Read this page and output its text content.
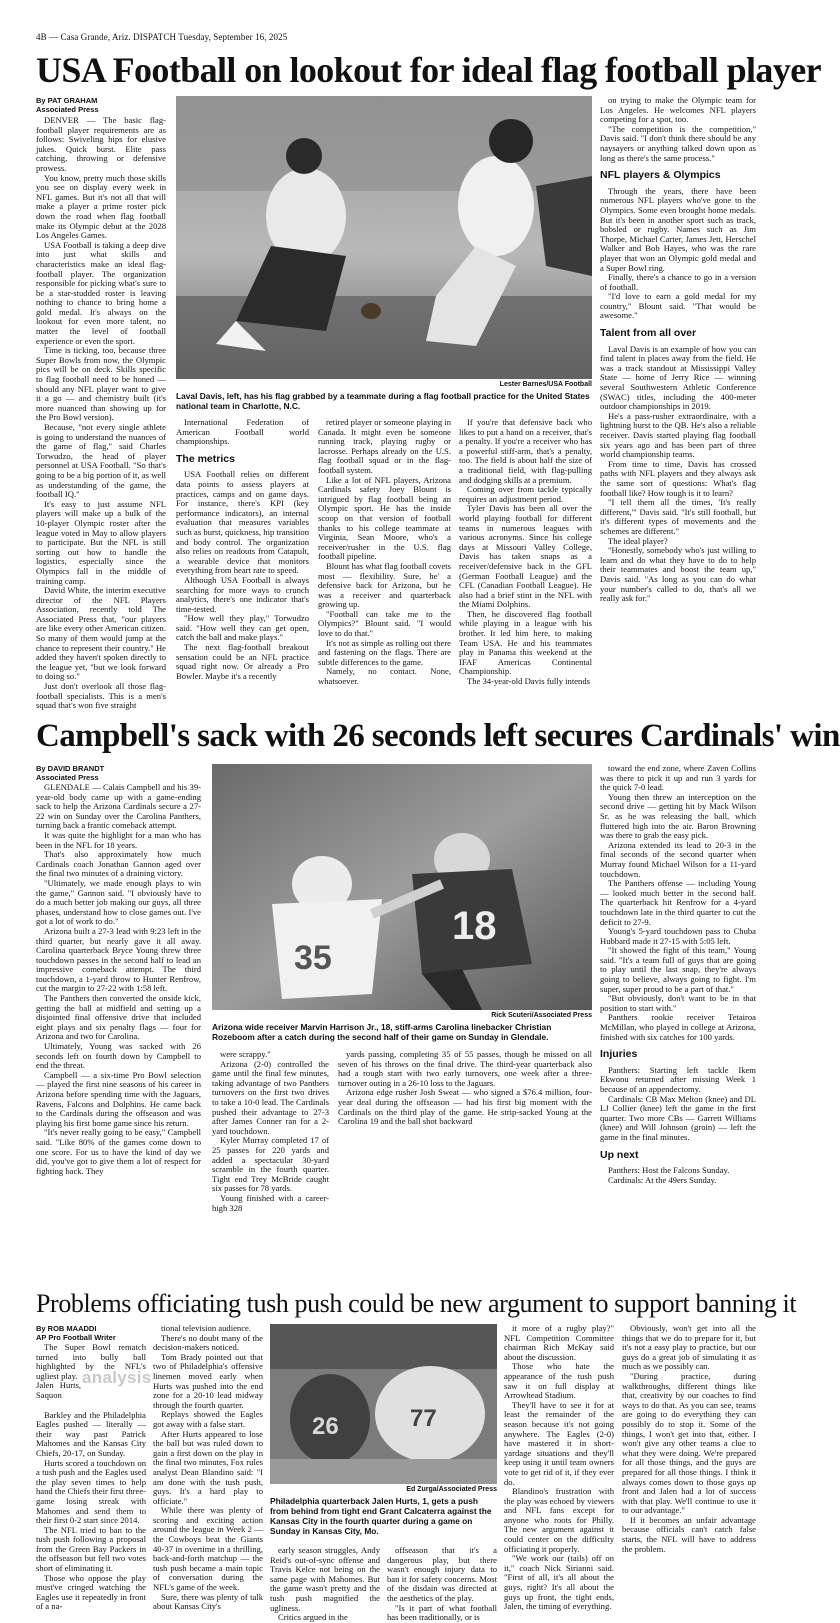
4B — Casa Grande, Ariz. DISPATCH Tuesday, September 16, 2025
USA Football on lookout for ideal flag football player
By PAT GRAHAM
Associated Press

DENVER — The basic flag-football player requirements are as follows: Swiveling hips for elusive jukes. Quick burst. Elite pass catching, throwing or defensive prowess.

You know, pretty much those skills you see on display every week in NFL games. But it's not all that will make a player a prime roster pick down the road when flag football make its Olympic debut at the 2028 Los Angeles Games.

USA Football is taking a deep dive into just what skills and characteristics make an ideal flag-football player. The organization responsible for picking what's sure to be a star-studded roster is leaving nothing to chance to bring home a gold medal. It's always on the lookout for even more talent, no matter the level of football experience or even the sport.

Time is ticking, too, because three Super Bowls from now, the Olympic pics will be on deck. Skills specific to flag football need to be honed — should any NFL player want to give it a go — and chemistry built (it's more nuanced than showing up for the Pro Bowl version).

Because, "not every single athlete is going to understand the nuances of the game of flag," said Charles Torwudzo, the head of player personnel at USA Football. "So that's going to be a big portion of it, as well as understanding of the game, the football IQ."

It's easy to just assume NFL players will make up a bulk of the 10-player Olympic roster after the league voted in May to allow players to participate. But the NFL is still sorting out how to handle the logistics, especially since the Olympics fall in the middle of training camp.

David White, the interim executive director of the NFL Players Association, recently told The Associated Press that, "our players are like every other American citizen. So many of them would jump at the chance to represent their country." He added they haven't spoken directly to the league yet, "but we look forward to doing so."

Just don't overlook all those flag-football specialists. This is a men's squad that's won five straight

Lester Barnes/USA Football
Laval Davis, left, has his flag grabbed by a teammate during a flag football practice for the United States national team in Charlotte, N.C.

International Federation of American Football world championships.

The metrics

USA Football relies on different data points to assess players at practices, camps and on game days. For instance, there's KPI (key performance indicators), an internal evaluation that measures variables such as burst, quickness, hip transition and body control. The organization also relies on readouts from Catapult, a wearable device that monitors everything from heart rate to speed.

Although USA Football is always searching for more ways to crunch analytics, there's one indicator that's time-tested.

"How well they play," Torwudzo said. "How well they can get open, catch the ball and make plays."

The next flag-football breakout sensation could be an NFL practice squad right now. Or already a Pro Bowler. Maybe it's a recently

retired player or someone playing in Canada. It might even be someone running track, playing rugby or lacrosse. Perhaps already on the U.S. flag football squad or in the flag-football system.

Like a lot of NFL players, Arizona Cardinals safety Joey Blount is intrigued by flag football being an Olympic sport. He has the inside scoop on that version of football thanks to his college teammate at Virginia, Sean Moore, who's a receiver/rusher in the U.S. flag football pipeline.

Blount has what flag football covets most — flexibility. Sure, he' a defensive back for Arizona, but he was a receiver and quarterback growing up.

"Football can take me to the Olympics?" Blount said. "I would love to do that."

It's not as simple as rolling out there and fastening on the flags. There are subtle differences to the game.

Namely, no contact. None, whatsoever.

If you're that defensive back who likes to put a hand on a receiver, that's a penalty. If you're a receiver who has a powerful stiff-arm, that's a penalty, too. The field is about half the size of a traditional field, with flag-pulling and dodging skills at a premium.

Coming over from tackle typically requires an adjustment period.

Tyler Davis has been all over the world playing football for different teams in numerous leagues with various acronyms. Since his college days at Missouri Valley College, Davis has taken snaps as a receiver/defensive back in the GFL (German Football League) and the CFL (Canadian Football League). He also had a brief stint in the NFL with the Miami Dolphins.

Then, he discovered flag football while playing in a league with his brother. It led him here, to making Team USA. He and his teammates play in Panama this weekend at the IFAF Americas Continental Championship.

The 34-year-old Davis fully intends

on trying to make the Olympic team for Los Angeles. He welcomes NFL players competing for a spot, too.

"The competition is the competition," Davis said. "I don't think there should be any naysayers or anything talked down upon as long as there's the same process."

NFL players & Olympics

Through the years, there have been numerous NFL players who've gone to the Olympics. Some even brought home medals. But it's been in another sport such as track, bobsled or rugby. Names such as Jim Thorpe, Michael Carter, James Jett, Herschel Walker and Bob Hayes, who was the rare player that won an Olympic gold medal and a Super Bowl ring.

Finally, there's a chance to go in a version of football.

"I'd love to earn a gold medal for my country," Blount said. "That would be awesome."

Talent from all over

Laval Davis is an example of how you can find talent in places away from the field. He was a track standout at Mississippi Valley State — home of Jerry Rice — winning several Southwestern Athletic Conference (SWAC) titles, including the 400-meter outdoor championships in 2019.

He's a pass-rusher extraordinaire, with a lightning burst to the QB. He's also a reliable receiver. Davis started playing flag football six years ago and has been part of three world championship teams.

From time to time, Davis has crossed paths with NFL players and they always ask the same sort of questions: What's flag football like? How tough is it to learn?

"I tell them all the times, 'It's really different,'" Davis said. "It's still football, but it's different types of movements and the schemes are different."

The ideal player?

"Honestly, somebody who's just willing to learn and do what they have to do to help their teammates and boost the team up," Davis said. "As long as you can do what your number's called to do, that's all we really ask for."

Campbell's sack with 26 seconds left secures Cardinals' win
By DAVID BRANDT
Associated Press

GLENDALE — Calais Campbell and his 39-year-old body came up with a game-ending sack to help the Arizona Cardinals secure a 27-22 win on Sunday over the Carolina Panthers, turning back a frantic comeback attempt.

It was quite the highlight for a man who has been in the NFL for 18 years.

That's also approximately how much Cardinals coach Jonathan Gannon aged over the final two minutes of a draining victory.

"Ultimately, we made enough plays to win the game," Gannon said. "I obviously have to do a much better job making our guys, all three phases, understand how to close games out. I've got a lot of work to do."

Arizona built a 27-3 lead with 9:23 left in the third quarter, but nearly gave it all away. Carolina quarterback Bryce Young threw three touchdown passes in the second half to lead an impressive comeback attempt. The third touchdown, a 1-yard throw to Hunter Renfrow, cut the margin to 27-22 with 1:58 left.

The Panthers then converted the onside kick, getting the ball at midfield and setting up a disjointed final offensive drive that included eight plays and six penalty flags — four for Arizona and two for Carolina.

Ultimately, Young was sacked with 26 seconds left on fourth down by Campbell to end the threat.

Campbell — a six-time Pro Bowl selection — played the first nine seasons of his career in Arizona before spending time with the Jaguars, Ravens, Falcons and Dolphins. He came back to the Cardinals during the offseason and was playing his first home game since his return.

"It's never really going to be easy," Campbell said. "Like 80% of the games come down to one score. For us to have the kind of day we did, you've got to give them a lot of respect for fighting back. They

18
35
Rick Scuteri/Associated Press
Arizona wide receiver Marvin Harrison Jr., 18, stiff-arms Carolina linebacker Christian Rozeboom after a catch during the second half of their game on Sunday in Glendale.

were scrappy."

Arizona (2-0) controlled the game until the final few minutes, taking advantage of two Panthers turnovers on the first two drives to take a 10-0 lead. The Cardinals pushed their advantage to 27-3 after James Conner ran for a 2-yard touchdown.

Kyler Murray completed 17 of 25 passes for 220 yards and added a spectacular 30-yard scramble in the fourth quarter. Tight end Trey McBride caught six passes for 78 yards.

Young finished with a career-high 328

yards passing, completing 35 of 55 passes, though he missed on all seven of his throws on the final drive. The third-year quarterback also had a rough start with two early turnovers, one week after a three-turnover outing in a 26-10 loss to the Jaguars.

Arizona edge rusher Josh Sweat — who signed a $76.4 million, four-year deal during the offseason — had his first big moment with the Cardinals on the third play of the game. He strip-sacked Young at the Carolina 19 and the ball shot backward

toward the end zone, where Zaven Collins was there to pick it up and run 3 yards for the quick 7-0 lead.

Young then threw an interception on the second drive — getting hit by Mack Wilson Sr. as he was releasing the ball, which fluttered high into the air. Baron Browning was there to grab the easy pick.

Arizona extended its lead to 20-3 in the final seconds of the second quarter when Murray found Michael Wilson for a 11-yard touchdown.

The Panthers offense — including Young — looked much better in the second half. The quarterback hit Renfrow for a 4-yard touchdown late in the third quarter to cut the deficit to 27-9.

Young's 5-yard touchdown pass to Chuba Hubbard made it 27-15 with 5:05 left.

"It showed the fight of this team," Young said. "It's a team full of guys that are going to play until the last snap, they're always going to believe, always going to fight. I'm super, super proud to be a part of that."

"But obviously, don't want to be in that position to start with."

Panthers rookie receiver Tetairoa McMillan, who played in college at Arizona, finished with six catches for 100 yards.

Injuries

Panthers: Starting left tackle Ikem Ekwonu returned after missing Week 1 because of an appendectomy.

Cardinals: CB Max Melton (knee) and DL LJ Collier (knee) left the game in the first quarter. Two more CBs — Garrett Williams (knee) and Will Johnson (groin) — left the game in the final minutes.

Up next

Panthers: Host the Falcons Sunday.

Cardinals: At the 49ers Sunday.

Problems officiating tush push could be new argument to support banning it
By ROB MAADDI
AP Pro Football Writer

The Super Bowl rematch turned into bully ball highlighted by the NFL's ugliest play.

Jalen Hurts, Saquon

Barkley and the Philadelphia Eagles pushed — literally — their way past Patrick Mahomes and the Kansas City Chiefs, 20-17, on Sunday.

Hurts scored a touchdown on a tush push and the Eagles used the play seven times to help hand the Chiefs their first three-game losing streak with Mahomes and send them to their first 0-2 start since 2014.

The NFL tried to ban to the tush push following a proposal from the Green Bay Packers in the offseason but fell two votes short of eliminating it.

Those who oppose the play must've cringed watching the Eagles use it repeatedly in front of a na-

analysis

tional television audience.

There's no doubt many of the decision-makers noticed.

Tom Brady pointed out that two of Philadelphia's offensive linemen moved early when Hurts was pushed into the end zone for a 20-10 lead midway through the fourth quarter.

Replays showed the Eagles got away with a false start.

After Hurts appeared to lose the ball but was ruled down to gain a first down on the play in the final two minutes, Fox rules analyst Dean Blandino said: "I am done with the tush push, guys. It's a hard play to officiate."

While there was plenty of scoring and exciting action around the league in Week 2 — the Cowboys beat the Giants 40-37 in overtime in a thrilling, back-and-forth matchup — the tush push became a main topic of conversation during the NFL's game of the week.

Sure, there was plenty of talk about Kansas City's

26	77
Ed Zurga/Associated Press
Philadelphia quarterback Jalen Hurts, 1, gets a push from behind from tight end Grant Calcaterra against the Kansas City in the fourth quarter during a game on Sunday in Kansas City, Mo.

early season struggles, Andy Reid's out-of-sync offense and Travis Kelce not being on the same page with Mahomes. But the game wasn't pretty and the tush push magnified the ugliness.

Critics argued in the

offseason that it's a dangerous play, but there wasn't enough injury data to ban it for safety concerns. Most of the disdain was directed at the aesthetics of the play.

"Is it part of what football has been traditionally, or is

it more of a rugby play?" NFL Competition Committee chairman Rich McKay said about the discussion.

Those who hate the appearance of the tush push saw it on full display at Arrowhead Stadium.

They'll have to see it for at least the remainder of the season because it's not going anywhere. The Eagles (2-0) have mastered it in short-yardage situations and they'll keep using it until team owners vote to get rid of it, if they ever do.

Blandino's frustration with the play was echoed by viewers and NFL fans except for anyone who roots for Philly. The new argument against it could center on the difficulty officiating it properly.

"We work our (tails) off on it," coach Nick Sirianni said. "First of all, it's all about the guys, right? It's all about the guys up front, the tight ends, Jalen, the timing of everything.

Obviously, won't get into all the things that we do to prepare for it, but it's not a easy play to practice, but our guys do a great job of simulating it as much as we possibly can.

"During practice, during walkthroughs, different things like that, creativity by our coaches to find ways to do that. As you can see, teams are going to do everything they can possibly do to stop it. Some of the things, I won't get into that, either. I won't give any other teams a clue to what they were doing. We're prepared for all those things, and the guys are prepared for all those things. I think it always comes down to those guys up front and Jalen had a lot of success with that play. We'll continue to use it to our advantage."

If it becomes an unfair advantage because officials can't catch false starts, the NFL will have to address the problem.
